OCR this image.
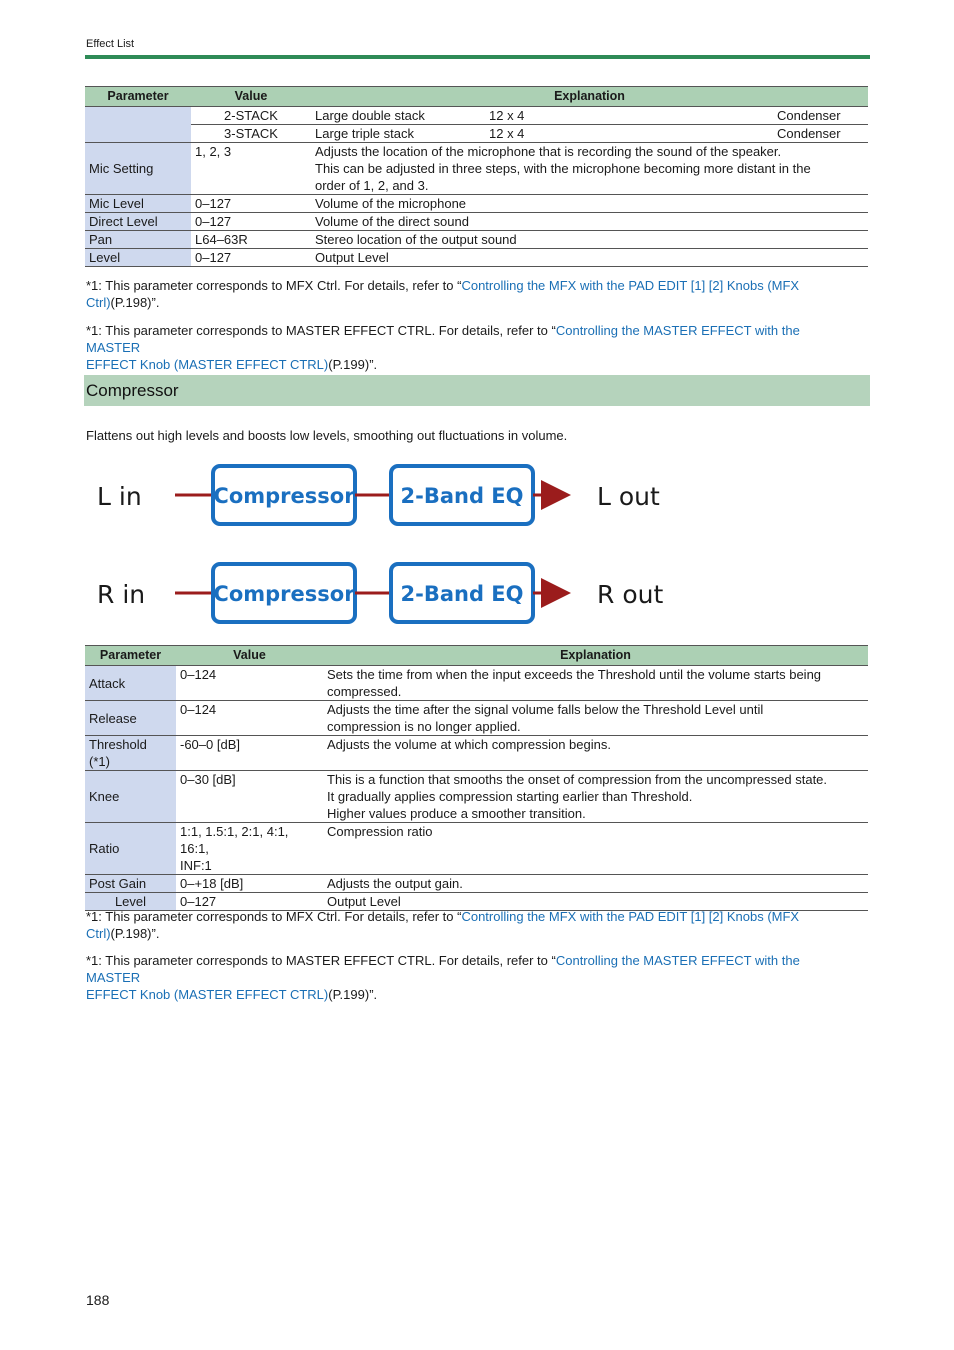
Effect List
Parameter	Value	Explanation		
	2-STACK	Large double stack	12 x 4	Condenser
	3-STACK	Large triple stack	12 x 4	Condenser
Mic Setting	1, 2, 3	Adjusts the location of the microphone that is recording the sound of the speaker.
This can be adjusted in three steps, with the microphone becoming more distant in the
order of 1, 2, and 3.		

Mic Level	0–127	Volume of the microphone		
Direct Level	0–127	Volume of the direct sound		
Pan	L64–63R	Stereo location of the output sound		
Level	0–127	Output Level		
*1: This parameter corresponds to MFX Ctrl. For details, refer to “Controlling the MFX with the PAD EDIT [1] [2] Knobs (MFX
Ctrl)(P.198)”.
*1: This parameter corresponds to MASTER EFFECT CTRL. For details, refer to “Controlling the MASTER EFFECT with the MASTER
EFFECT Knob (MASTER EFFECT CTRL)(P.199)”.
Compressor
Flattens out high levels and boosts low levels, smoothing out fluctuations in volume.
L in	Compressor 2-Band EQ	L out
R in	Compressor 2-Band EQ	R out
Parameter	Value	Explanation
Attack	0–124	Sets the time from when the input exceeds the Threshold until the volume starts being
compressed.

Release	0–124	Adjusts the time after the signal volume falls below the Threshold Level until
compression is no longer applied.

Threshold
(*1)	-60–0 [dB]	Adjusts the volume at which compression begins.
Knee	0–30 [dB]	This is a function that smooths the onset of compression from the uncompressed state.
It gradually applies compression starting earlier than Threshold.
Higher values produce a smoother transition.

Ratio	1:1, 1.5:1, 2:1, 4:1, 16:1,
INF:1	Compression ratio
Post Gain	0–+18 [dB]	Adjusts the output gain.
Level	0–127	Output Level
*1: This parameter corresponds to MFX Ctrl. For details, refer to “Controlling the MFX with the PAD EDIT [1] [2] Knobs (MFX
Ctrl)(P.198)”.
*1: This parameter corresponds to MASTER EFFECT CTRL. For details, refer to “Controlling the MASTER EFFECT with the MASTER
EFFECT Knob (MASTER EFFECT CTRL)(P.199)”.
188
